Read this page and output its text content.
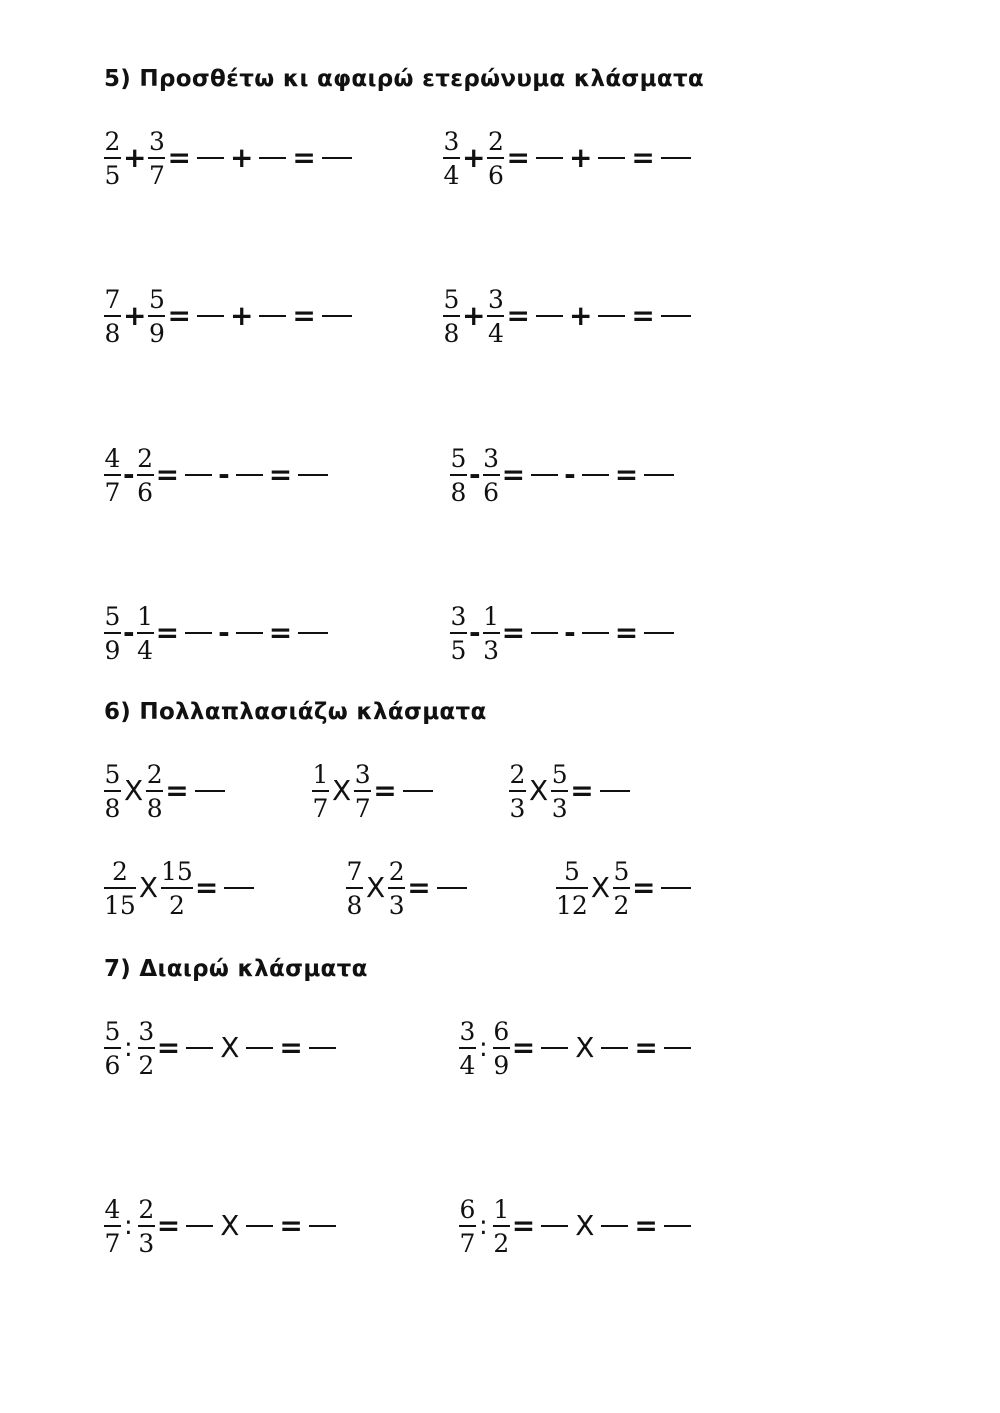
5) Προσθέτω κι αφαιρώ ετερώνυμα κλάσματα
$\frac{2}{5} + \frac{3}{7}$ = + =	$\frac{3}{4} + \frac{2}{6}$ = + =
$\frac{7}{8} + \frac{5}{9}$ = + =	$\frac{5}{8} + \frac{3}{4}$ = + =
$\frac{4}{7} - \frac{2}{6}$ = - =	$\frac{5}{8} - \frac{3}{6}$ = - =
$\frac{5}{9} - \frac{1}{4}$ = - =	$\frac{3}{5} - \frac{1}{3}$ = - =
6) Πολλαπλασιάζω κλάσματα
$\frac{5}{8}$ X $\frac{2}{8}$ =	$\frac{1}{7}$ X $\frac{3}{7}$ =	$\frac{2}{3}$ X $\frac{5}{3}$ =
$\frac{2}{15}$ X $\frac{15}{2}$ =	$\frac{7}{8}$ X $\frac{2}{3}$ =	$\frac{5}{12}$ X $\frac{5}{2}$ =
7) Διαιρώ κλάσματα
$\frac{5}{6}$ : $\frac{3}{2} = X$ =	$\frac{3}{4}$ : $\frac{6}{9} = X$ =
$\frac{4}{7}$ : $\frac{2}{3} = X$ =	$\frac{6}{7}$ : $\frac{1}{2} = X$ =
